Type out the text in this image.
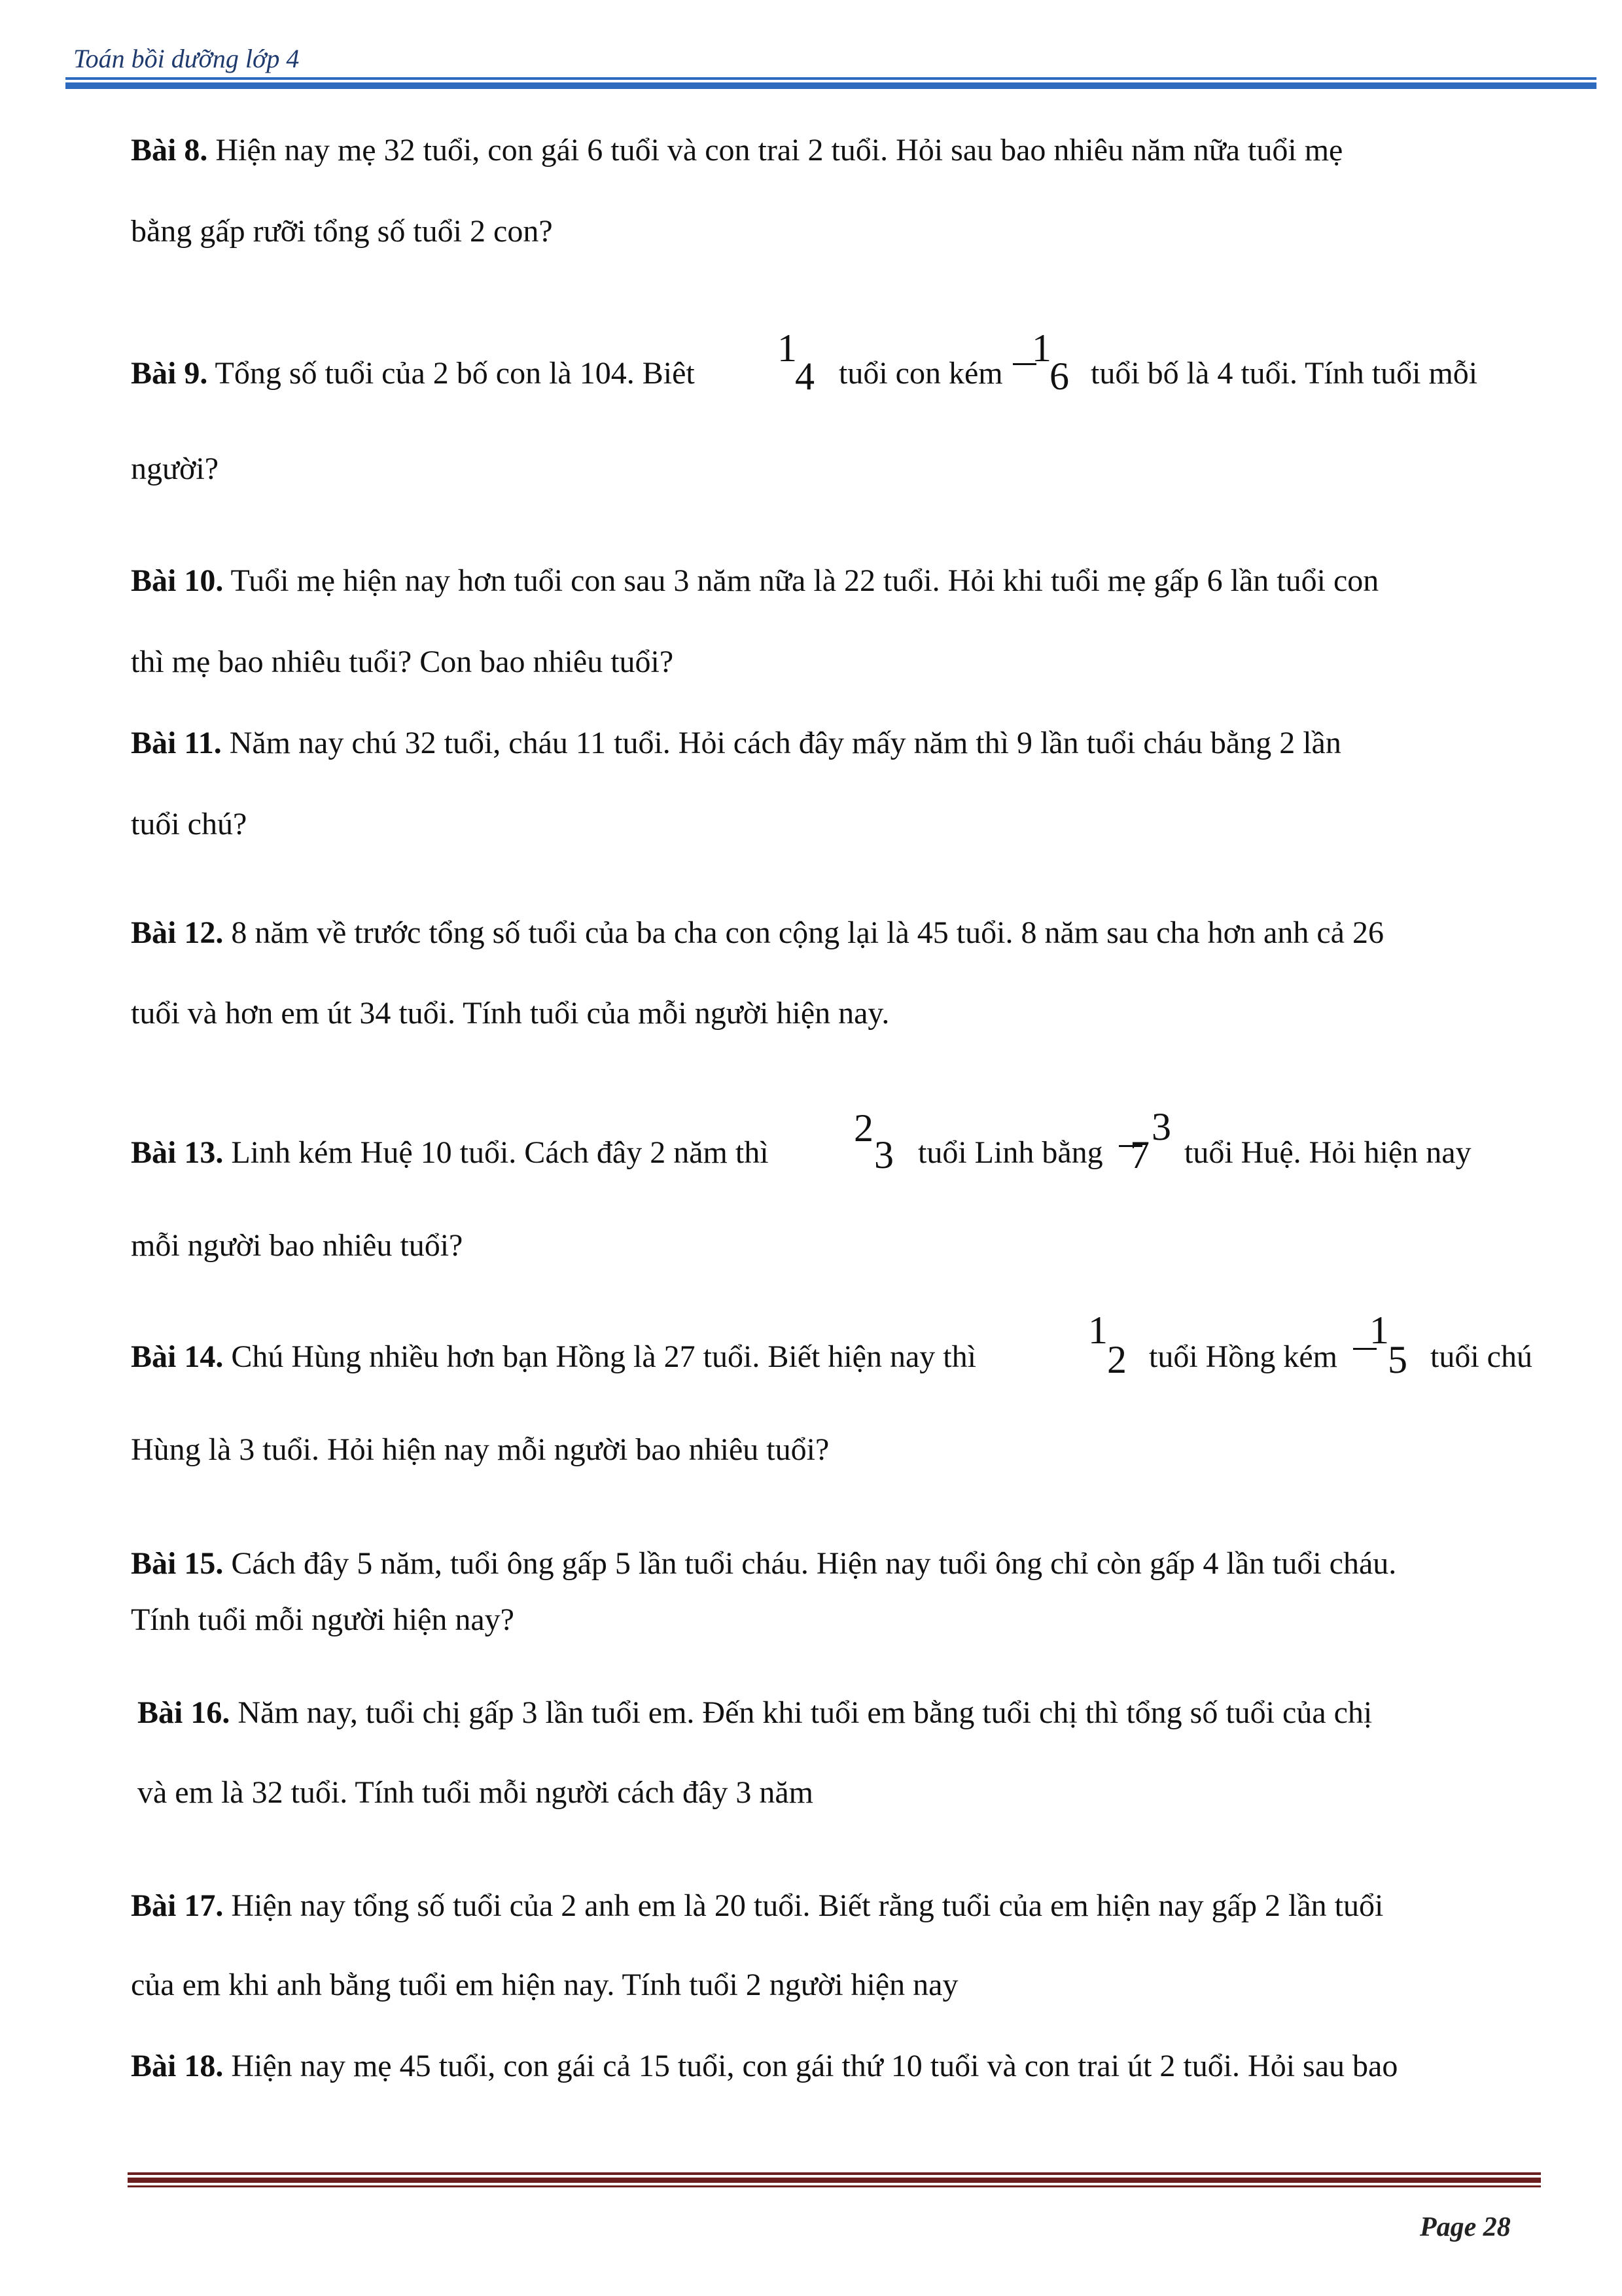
Toán bồi dưỡng lớp 4
Bài 8. Hiện nay mẹ 32 tuổi, con gái 6 tuổi và con trai 2 tuổi. Hỏi sau bao nhiêu năm nữa tuổi mẹ
bằng gấp rưỡi tổng số tuổi 2 con?
Bài 9. Tổng số tuổi của 2 bố con là 104. Biêt
1
4 tuổi con kém
1
6 tuổi bố là 4 tuổi. Tính tuổi mỗi
người?
Bài 10. Tuổi mẹ hiện nay hơn tuổi con sau 3 năm nữa là 22 tuổi. Hỏi khi tuổi mẹ gấp 6 lần tuổi con
thì mẹ bao nhiêu tuổi? Con bao nhiêu tuổi?
Bài 11. Năm nay chú 32 tuổi, cháu 11 tuổi. Hỏi cách đây mấy năm thì 9 lần tuổi cháu bằng 2 lần
tuổi chú?
Bài 12. 8 năm về trước tổng số tuổi của ba cha con cộng lại là 45 tuổi. 8 năm sau cha hơn anh cả 26
tuổi và hơn em út 34 tuổi. Tính tuổi của mỗi người hiện nay.
Bài 13. Linh kém Huệ 10 tuổi. Cách đây 2 năm thì
2
3 tuổi Linh bằng
3
7 tuổi Huệ. Hỏi hiện nay
mỗi người bao nhiêu tuổi?
Bài 14. Chú Hùng nhiều hơn bạn Hồng là 27 tuổi. Biết hiện nay thì
1
2 tuổi Hồng kém
1
5 tuổi chú
Hùng là 3 tuổi. Hỏi hiện nay mỗi người bao nhiêu tuổi?
Bài 15. Cách đây 5 năm, tuổi ông gấp 5 lần tuổi cháu. Hiện nay tuổi ông chỉ còn gấp 4 lần tuổi cháu.
Tính tuổi mỗi người hiện nay?
Bài 16. Năm nay, tuổi chị gấp 3 lần tuổi em. Đến khi tuổi em bằng tuổi chị thì tổng số tuổi của chị
và em là 32 tuổi. Tính tuổi mỗi người cách đây 3 năm
Bài 17. Hiện nay tổng số tuổi của 2 anh em là 20 tuổi. Biết rằng tuổi của em hiện nay gấp 2 lần tuổi
của em khi anh bằng tuổi em hiện nay. Tính tuổi 2 người hiện nay
Bài 18. Hiện nay mẹ 45 tuổi, con gái cả 15 tuổi, con gái thứ 10 tuổi và con trai út 2 tuổi. Hỏi sau bao
Page 28
